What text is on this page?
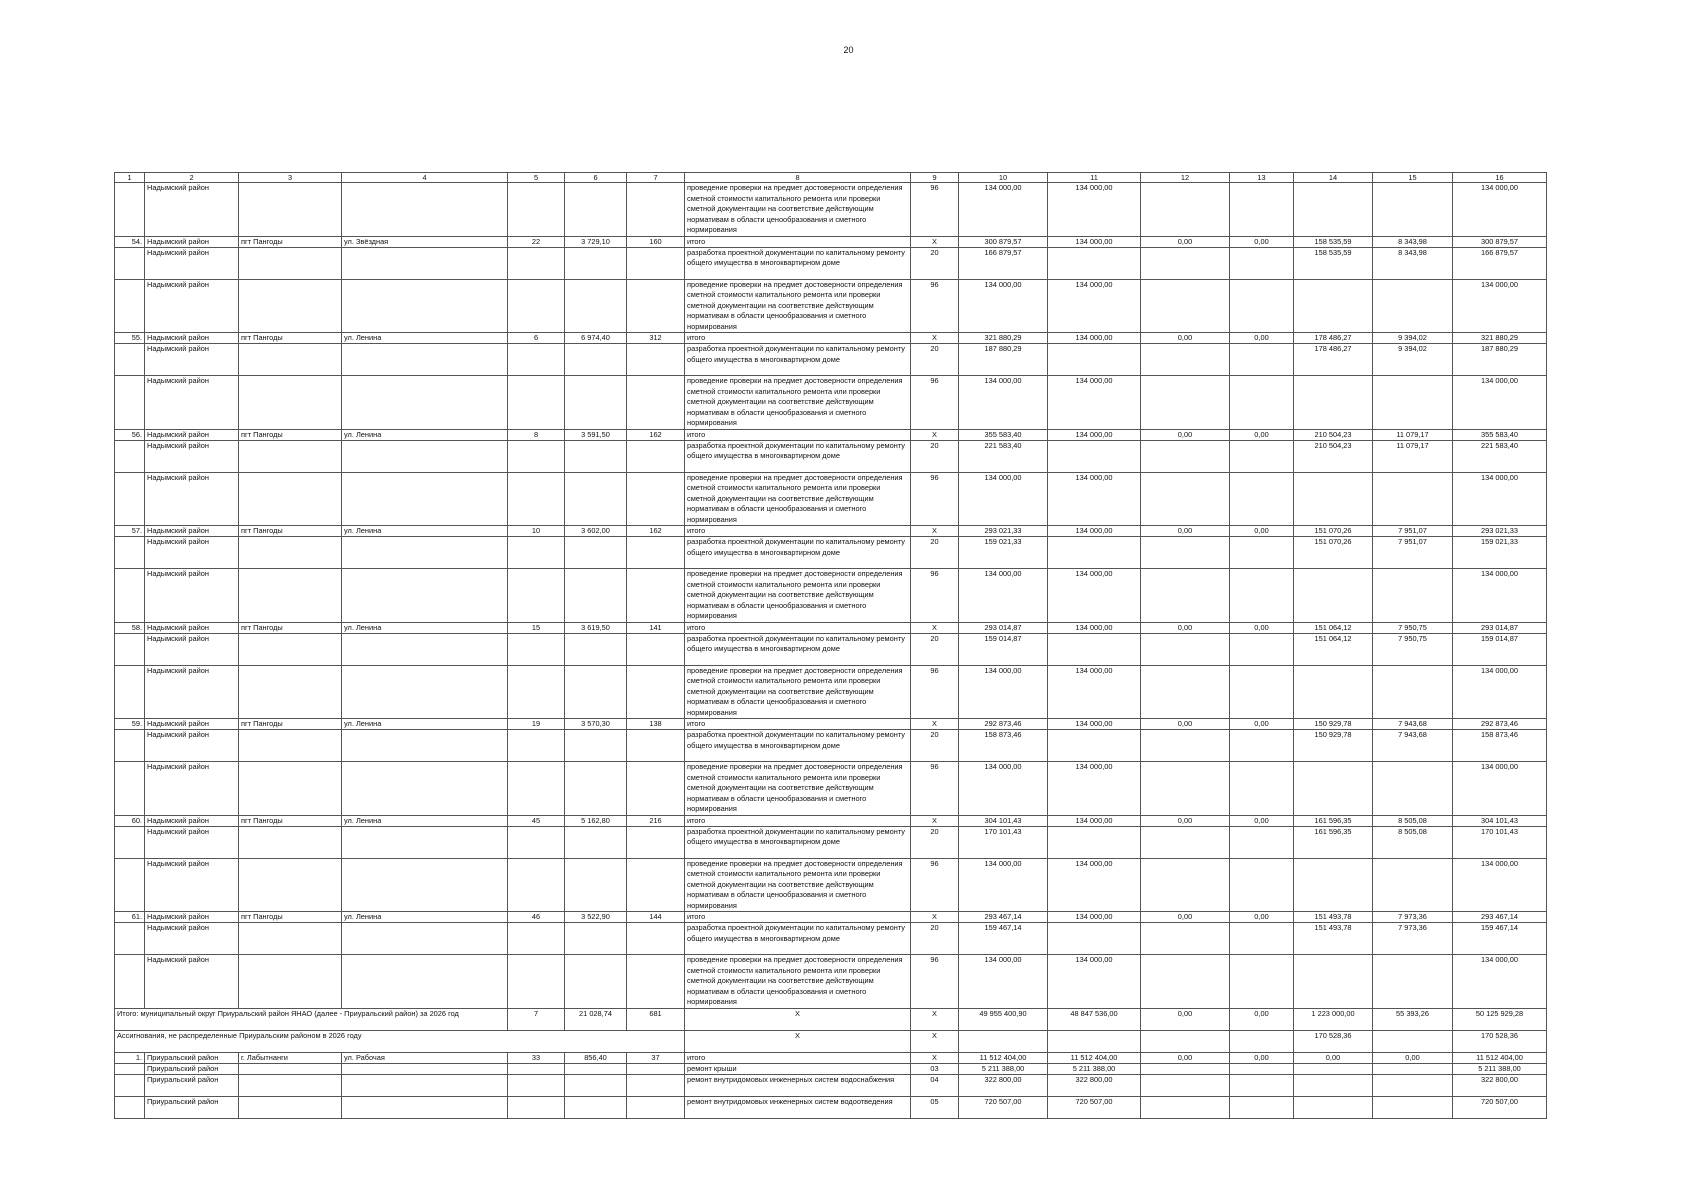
20
1	2	3	4	5	6	7	8	9	10	11	12	13	14	15	16
	Надымский район						проведение проверки на предмет достоверности определения сметной стоимости капитального ремонта или проверки сметной документации на соответствие действующим нормативам в области ценообразования и сметного нормирования	96	134 000,00	134 000,00					134 000,00
54.	Надымский район	пгт Пангоды	ул. Звёздная	22	3 729,10	160	итого	X	300 879,57	134 000,00	0,00	0,00	158 535,59	8 343,98	300 879,57
	Надымский район						разработка проектной документации по капитальному ремонту общего имущества в многоквартирном доме	20	166 879,57				158 535,59	8 343,98	166 879,57
	Надымский район						проведение проверки на предмет достоверности определения сметной стоимости капитального ремонта или проверки сметной документации на соответствие действующим нормативам в области ценообразования и сметного нормирования	96	134 000,00	134 000,00					134 000,00
55.	Надымский район	пгт Пангоды	ул. Ленина	6	6 974,40	312	итого	X	321 880,29	134 000,00	0,00	0,00	178 486,27	9 394,02	321 880,29
	Надымский район						разработка проектной документации по капитальному ремонту общего имущества в многоквартирном доме	20	187 880,29				178 486,27	9 394,02	187 880,29
	Надымский район						проведение проверки на предмет достоверности определения сметной стоимости капитального ремонта или проверки сметной документации на соответствие действующим нормативам в области ценообразования и сметного нормирования	96	134 000,00	134 000,00					134 000,00
56.	Надымский район	пгт Пангоды	ул. Ленина	8	3 591,50	162	итого	X	355 583,40	134 000,00	0,00	0,00	210 504,23	11 079,17	355 583,40
	Надымский район						разработка проектной документации по капитальному ремонту общего имущества в многоквартирном доме	20	221 583,40				210 504,23	11 079,17	221 583,40
	Надымский район						проведение проверки на предмет достоверности определения сметной стоимости капитального ремонта или проверки сметной документации на соответствие действующим нормативам в области ценообразования и сметного нормирования	96	134 000,00	134 000,00					134 000,00
57.	Надымский район	пгт Пангоды	ул. Ленина	10	3 602,00	162	итого	X	293 021,33	134 000,00	0,00	0,00	151 070,26	7 951,07	293 021,33
	Надымский район						разработка проектной документации по капитальному ремонту общего имущества в многоквартирном доме	20	159 021,33				151 070,26	7 951,07	159 021,33
	Надымский район						проведение проверки на предмет достоверности определения сметной стоимости капитального ремонта или проверки сметной документации на соответствие действующим нормативам в области ценообразования и сметного нормирования	96	134 000,00	134 000,00					134 000,00
58.	Надымский район	пгт Пангоды	ул. Ленина	15	3 619,50	141	итого	X	293 014,87	134 000,00	0,00	0,00	151 064,12	7 950,75	293 014,87
	Надымский район						разработка проектной документации по капитальному ремонту общего имущества в многоквартирном доме	20	159 014,87				151 064,12	7 950,75	159 014,87
	Надымский район						проведение проверки на предмет достоверности определения сметной стоимости капитального ремонта или проверки сметной документации на соответствие действующим нормативам в области ценообразования и сметного нормирования	96	134 000,00	134 000,00					134 000,00
59.	Надымский район	пгт Пангоды	ул. Ленина	19	3 570,30	138	итого	X	292 873,46	134 000,00	0,00	0,00	150 929,78	7 943,68	292 873,46
	Надымский район						разработка проектной документации по капитальному ремонту общего имущества в многоквартирном доме	20	158 873,46				150 929,78	7 943,68	158 873,46
	Надымский район						проведение проверки на предмет достоверности определения сметной стоимости капитального ремонта или проверки сметной документации на соответствие действующим нормативам в области ценообразования и сметного нормирования	96	134 000,00	134 000,00					134 000,00
60.	Надымский район	пгт Пангоды	ул. Ленина	45	5 162,80	216	итого	X	304 101,43	134 000,00	0,00	0,00	161 596,35	8 505,08	304 101,43
	Надымский район						разработка проектной документации по капитальному ремонту общего имущества в многоквартирном доме	20	170 101,43				161 596,35	8 505,08	170 101,43
	Надымский район						проведение проверки на предмет достоверности определения сметной стоимости капитального ремонта или проверки сметной документации на соответствие действующим нормативам в области ценообразования и сметного нормирования	96	134 000,00	134 000,00					134 000,00
61.	Надымский район	пгт Пангоды	ул. Ленина	46	3 522,90	144	итого	X	293 467,14	134 000,00	0,00	0,00	151 493,78	7 973,36	293 467,14
	Надымский район						разработка проектной документации по капитальному ремонту общего имущества в многоквартирном доме	20	159 467,14				151 493,78	7 973,36	159 467,14
	Надымский район						проведение проверки на предмет достоверности определения сметной стоимости капитального ремонта или проверки сметной документации на соответствие действующим нормативам в области ценообразования и сметного нормирования	96	134 000,00	134 000,00					134 000,00
Итого: муниципальный округ Приуральский район ЯНАО (далее - Приуральский район) за 2026 год				7	21 028,74	681	X	X	49 955 400,90	48 847 536,00	0,00	0,00	1 223 000,00	55 393,26	50 125 929,28
Ассигнования, не распределенные Приуральским районом в 2026 году							X	X					170 528,36		170 528,36
1.	Приуральский район	г. Лабытнанги	ул. Рабочая	33	856,40	37	итого	X	11 512 404,00	11 512 404,00	0,00	0,00	0,00	0,00	11 512 404,00
	Приуральский район						ремонт крыши	03	5 211 388,00	5 211 388,00					5 211 388,00
	Приуральский район						ремонт внутридомовых инженерных систем водоснабжения	04	322 800,00	322 800,00					322 800,00
	Приуральский район						ремонт внутридомовых инженерных систем водоотведения	05	720 507,00	720 507,00					720 507,00
